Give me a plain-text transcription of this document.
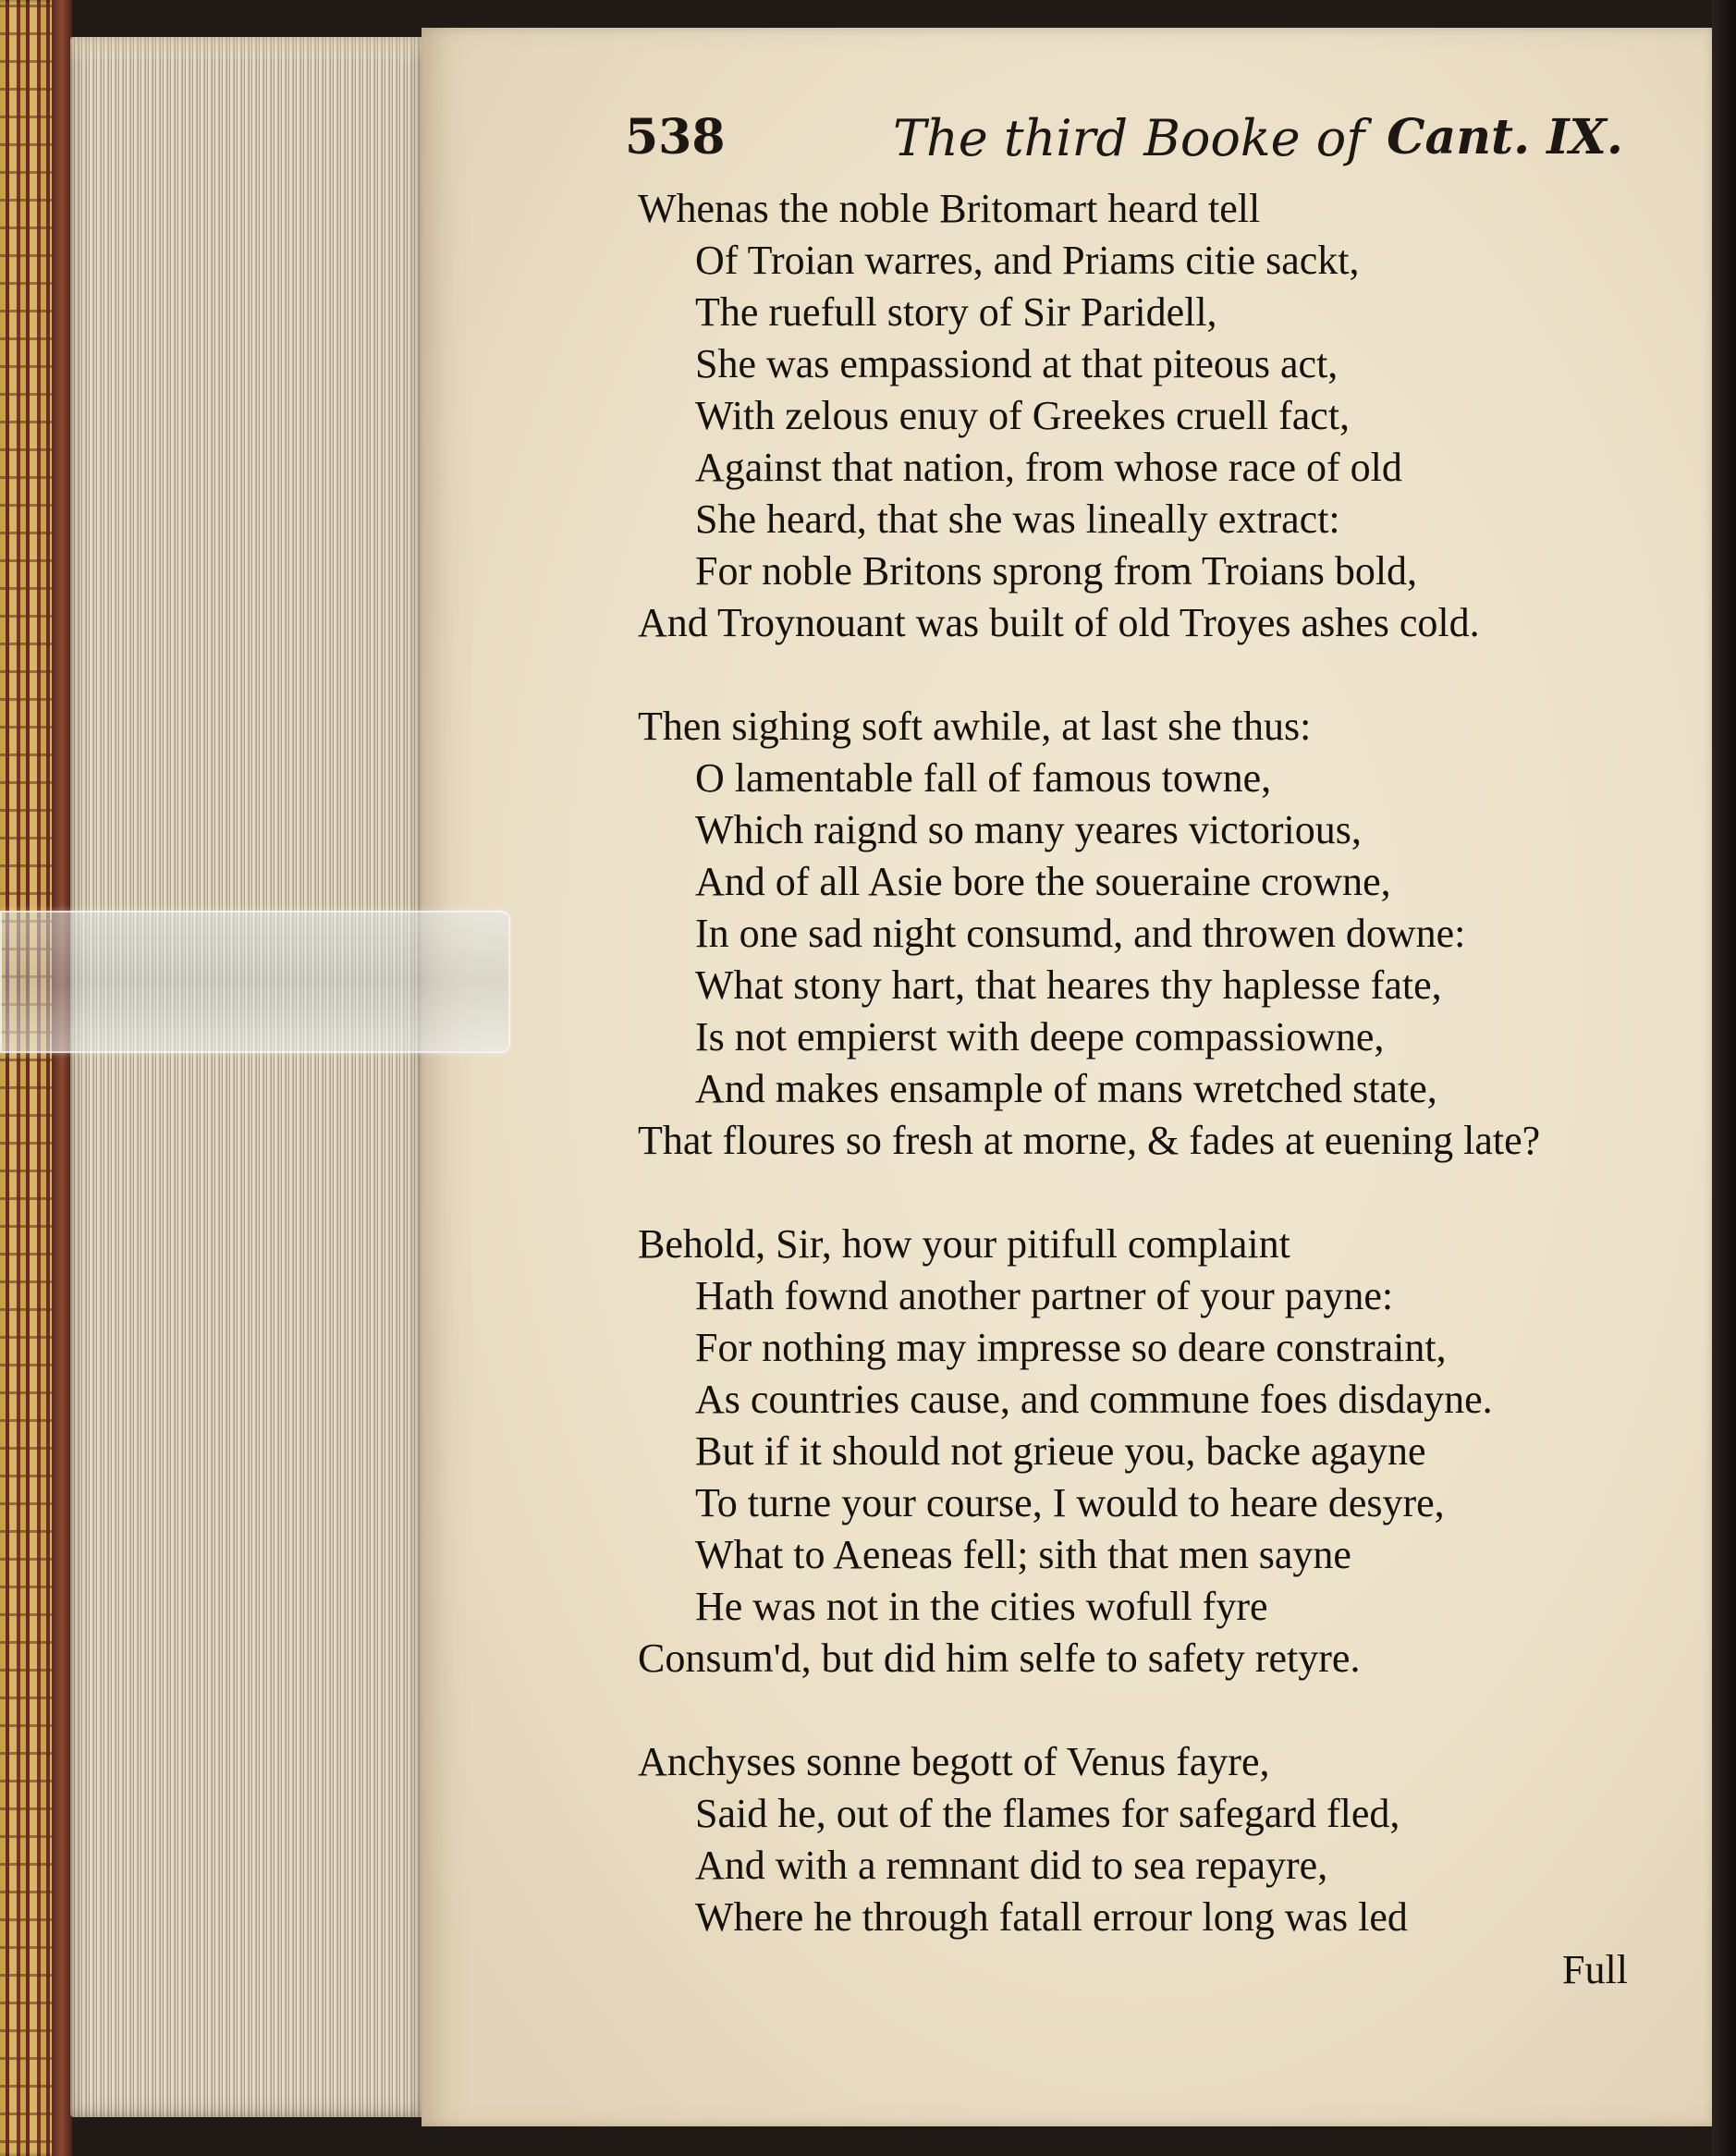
538	The third Booke of Cant. IX.
Whenas the noble Britomart heard tell
Of Troian warres, and Priams citie sackt,
The ruefull story of Sir Paridell,
She was empassiond at that piteous act,
With zelous enuy of Greekes cruell fact,
Against that nation, from whose race of old
She heard, that she was lineally extract:
For noble Britons sprong from Troians bold,
And Troynouant was built of old Troyes ashes cold.
Then sighing soft awhile, at last she thus:
O lamentable fall of famous towne,
Which raignd so many yeares victorious,
And of all Asie bore the soueraine crowne,
In one sad night consumd, and throwen downe:
What stony hart, that heares thy haplesse fate,
Is not empierst with deepe compassiowne,
And makes ensample of mans wretched state,
That floures so fresh at morne, & fades at euening late?
Behold, Sir, how your pitifull complaint
Hath fownd another partner of your payne:
For nothing may impresse so deare constraint,
As countries cause, and commune foes disdayne.
But if it should not grieue you, backe agayne
To turne your course, I would to heare desyre,
What to Aeneas fell; sith that men sayne
He was not in the cities wofull fyre
Consum'd, but did him selfe to safety retyre.
Anchyses sonne begott of Venus fayre,
Said he, out of the flames for safegard fled,
And with a remnant did to sea repayre,
Where he through fatall errour long was led
Full
